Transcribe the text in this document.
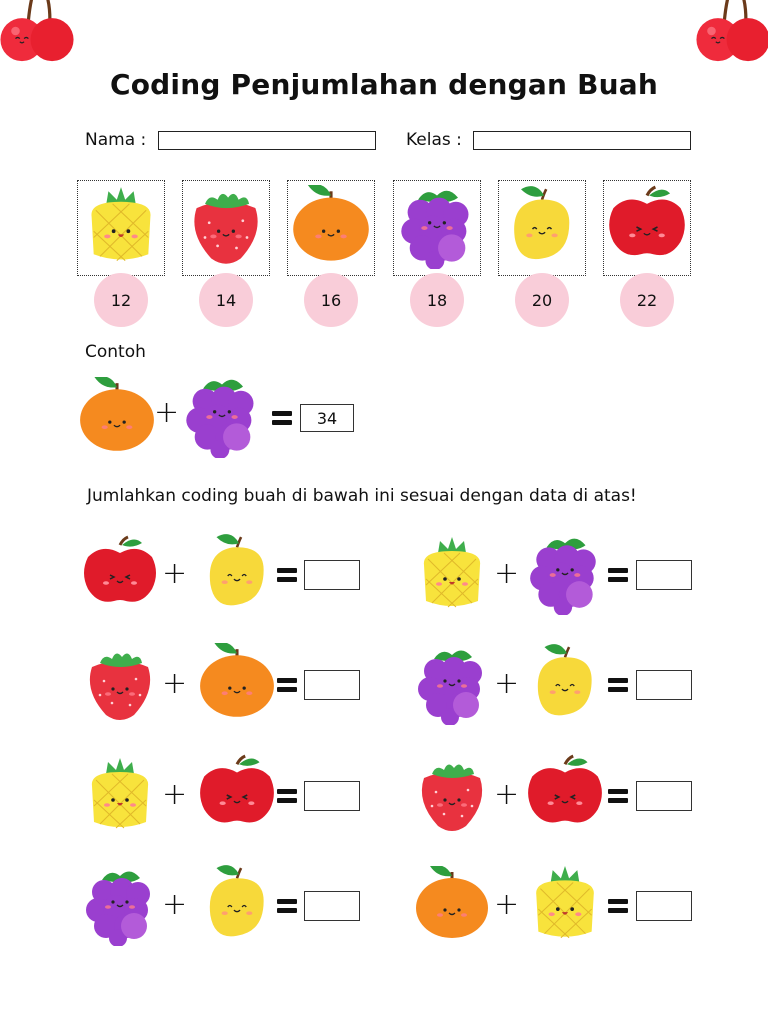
Coding Penjumlahan dengan Buah
Nama :	Kelas :
12	14	16	18	20	22
Contoh
+	34
Jumlahkan coding buah di bawah ini sesuai dengan data di atas!
+	+
+	+
+	+
+	+
